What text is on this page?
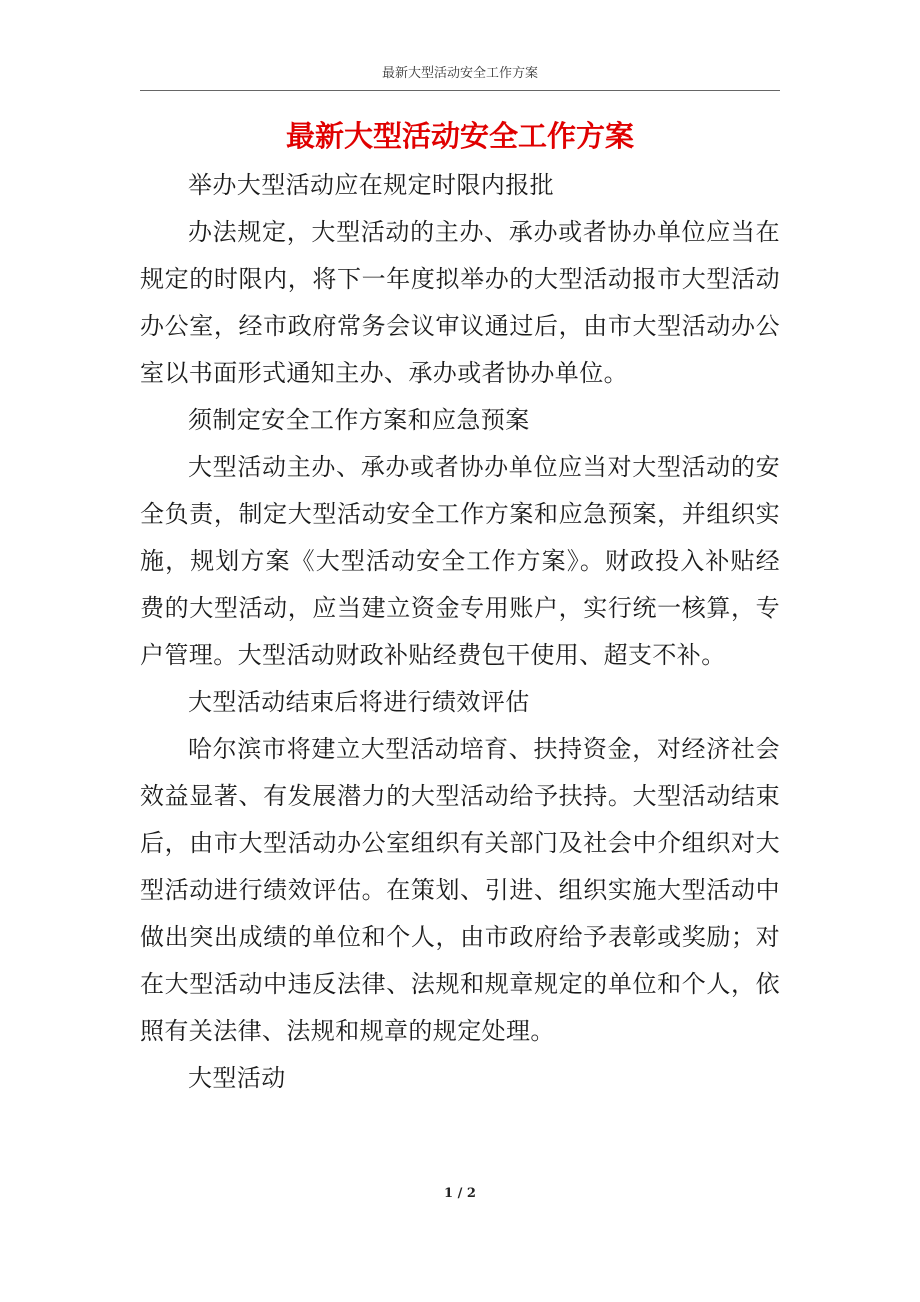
最新大型活动安全工作方案
最新大型活动安全工作方案

举办大型活动应在规定时限内报批

办法规定，大型活动的主办、承办或者协办单位应当在规定的时限内，将下一年度拟举办的大型活动报市大型活动办公室，经市政府常务会议审议通过后，由市大型活动办公室以书面形式通知主办、承办或者协办单位。

须制定安全工作方案和应急预案

大型活动主办、承办或者协办单位应当对大型活动的安全负责，制定大型活动安全工作方案和应急预案，并组织实施，规划方案《大型活动安全工作方案》。财政投入补贴经费的大型活动，应当建立资金专用账户，实行统一核算，专户管理。大型活动财政补贴经费包干使用、超支不补。

大型活动结束后将进行绩效评估

哈尔滨市将建立大型活动培育、扶持资金，对经济社会效益显著、有发展潜力的大型活动给予扶持。大型活动结束后，由市大型活动办公室组织有关部门及社会中介组织对大型活动进行绩效评估。在策划、引进、组织实施大型活动中做出突出成绩的单位和个人，由市政府给予表彰或奖励；对在大型活动中违反法律、法规和规章规定的单位和个人，依照有关法律、法规和规章的规定处理。

大型活动

1 / 2
